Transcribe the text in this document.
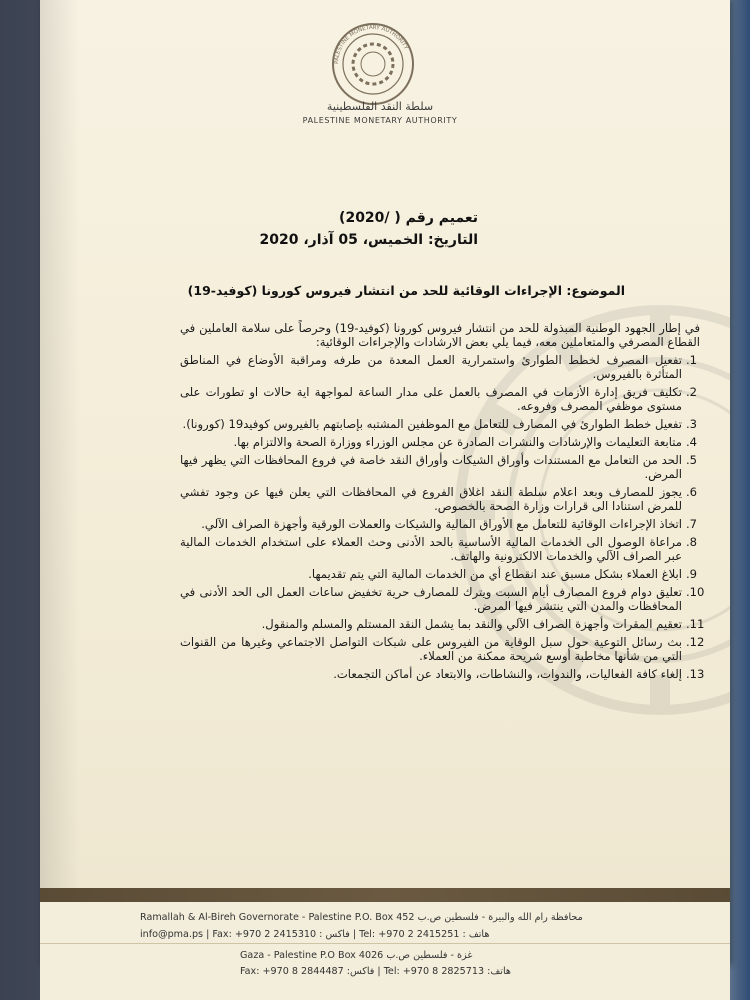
PALESTINE MONETARY AUTHORITY
سلطة النقد الفلسطينية
PALESTINE MONETARY AUTHORITY
تعميم رقم ( /2020)
التاريخ: الخميس، 05 آذار، 2020
الموضوع: الإجراءات الوقائية للحد من انتشار فيروس كورونا (كوفيد-19)

في إطار الجهود الوطنية المبذولة للحد من انتشار فيروس كورونا (كوفيد-19) وحرصاً على سلامة العاملين في القطاع المصرفي والمتعاملين معه، فيما يلي بعض الارشادات والإجراءات الوقائية:

.1
تفعيل المصرف لخطط الطوارئ واستمرارية العمل المعدة من طرفه ومراقبة الأوضاع في المناطق المتأثرة بالفيروس.
.2
تكليف فريق إدارة الأزمات في المصرف بالعمل على مدار الساعة لمواجهة اية حالات او تطورات على مستوى موظفي المصرف وفروعه.
.3
تفعيل خطط الطوارئ في المصارف للتعامل مع الموظفين المشتبه بإصابتهم بالفيروس كوفيد19 (كورونا).
.4
متابعة التعليمات والإرشادات والنشرات الصادرة عن مجلس الوزراء ووزارة الصحة والالتزام بها.
.5
الحد من التعامل مع المستندات وأوراق الشيكات وأوراق النقد خاصة في فروع المحافظات التي يظهر فيها المرض.
.6
يجوز للمصارف وبعد اعلام سلطة النقد اغلاق الفروع في المحافظات التي يعلن فيها عن وجود تفشي للمرض استنادا الى قرارات وزارة الصحة بالخصوص.
.7
اتخاذ الإجراءات الوقائية للتعامل مع الأوراق المالية والشيكات والعملات الورقية وأجهزة الصراف الآلي.
.8
مراعاة الوصول الى الخدمات المالية الأساسية بالحد الأدنى وحث العملاء على استخدام الخدمات المالية عبر الصراف الآلي والخدمات الالكترونية والهاتف.
.9
ابلاغ العملاء بشكل مسبق عند انقطاع أي من الخدمات المالية التي يتم تقديمها.
.10
تعليق دوام فروع المصارف أيام السبت ويترك للمصارف حرية تخفيض ساعات العمل الى الحد الأدنى في المحافظات والمدن التي ينتشر فيها المرض.
.11
تعقيم المقرات وأجهزة الصراف الآلي والنقد بما يشمل النقد المستلم والمسلم والمنقول.
.12
بث رسائل التوعية حول سبل الوقاية من الفيروس على شبكات التواصل الاجتماعي وغيرها من القنوات التي من شأنها مخاطبة أوسع شريحة ممكنة من العملاء.
.13
إلغاء كافة الفعاليات، والندوات، والنشاطات، والابتعاد عن أماكن التجمعات.
Ramallah & Al-Bireh Governorate - Palestine P.O. Box 452 محافظة رام الله والبيرة - فلسطين ص.ب
info@pma.ps | Fax: +970 2 2415310 : فاكس | Tel: +970 2 2415251 : هاتف
Gaza - Palestine P.O Box 4026 غزة - فلسطين ص.ب
Fax: +970 8 2844487 :فاكس | Tel: +970 8 2825713 :هاتف
